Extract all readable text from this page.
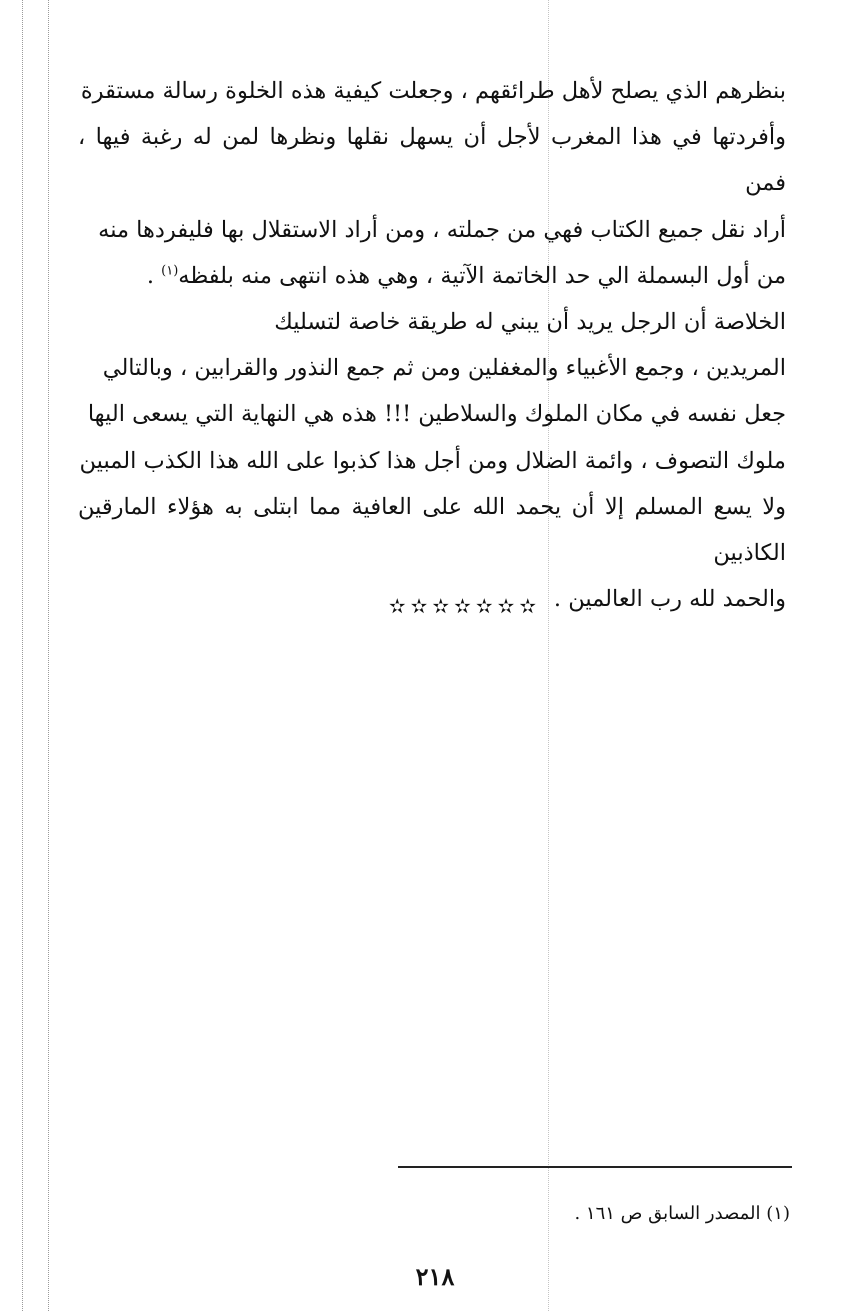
بنظرهم الذي يصلح لأهل طرائقهم ، وجعلت كيفية هذه الخلوة رسالة مستقرة

وأفردتها في هذا المغرب لأجل أن يسهل نقلها ونظرها لمن له رغبة فيها ، فمن

أراد نقل جميع الكتاب فهي من جملته ، ومن أراد الاستقلال بها فليفردها منه

من أول البسملة الي حد الخاتمة الآتية ، وهي هذه انتهى منه بلفظه$^{(١)}$ .

الخلاصة أن الرجل يريد أن يبني له طريقة خاصة لتسليك

المريدين ، وجمع الأغبياء والمغفلين ومن ثم جمع النذور والقرابين ، وبالتالي

جعل نفسه في مكان الملوك والسلاطين !!! هذه هي النهاية التي يسعى اليها

ملوك التصوف ، وائمة الضلال ومن أجل هذا كذبوا على الله هذا الكذب المبين

ولا يسع المسلم إلا أن يحمد الله على العافية مما ابتلى به هؤلاء المارقين الكاذبين

والحمد لله رب العالمين .

✫✫✫✫✫✫✫
(١) المصدر السابق ص ١٦١ .
٢١٨
